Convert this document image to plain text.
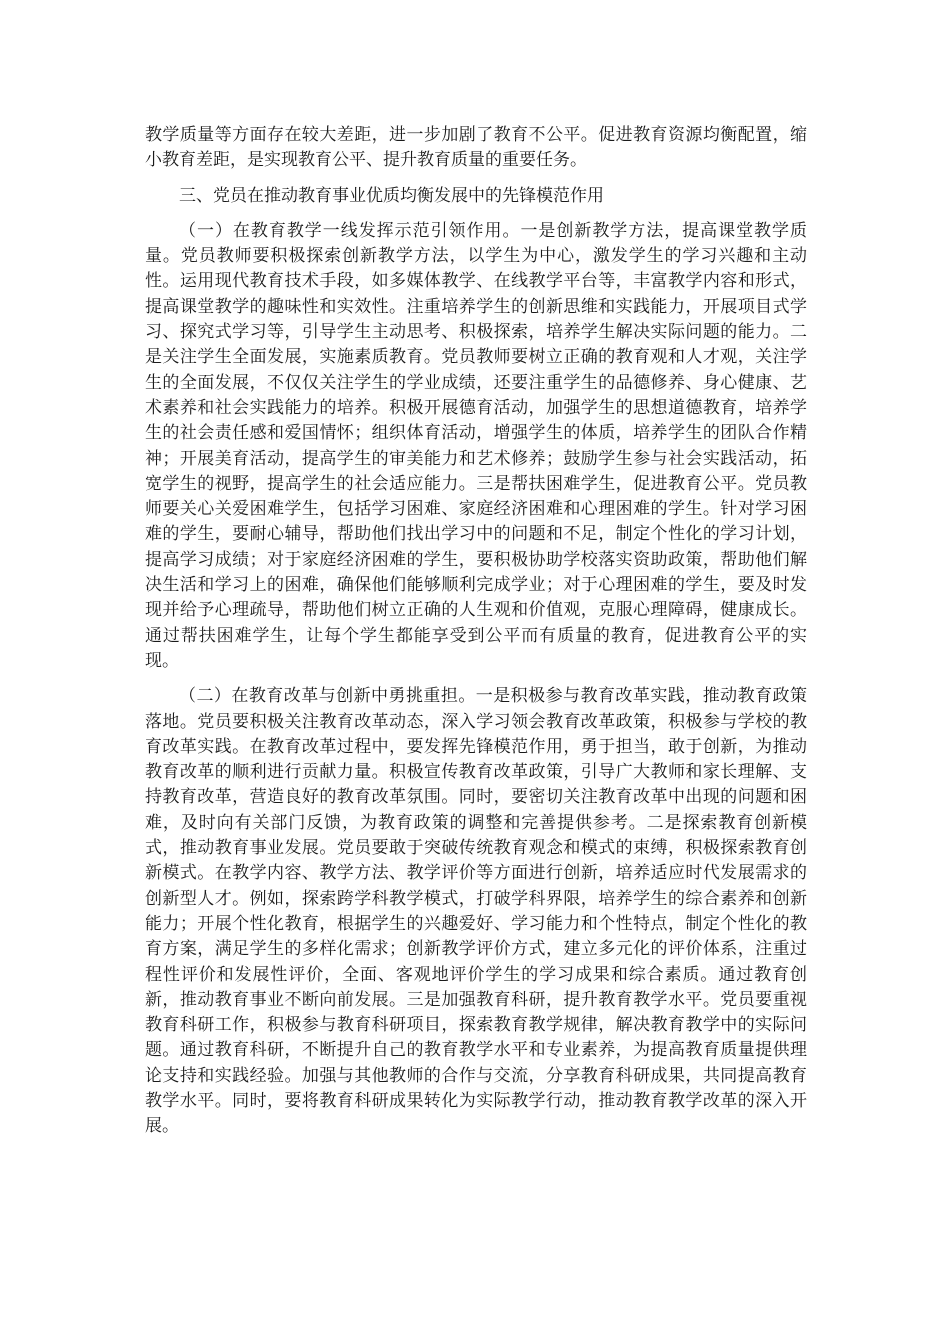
教学质量等方面存在较大差距，进一步加剧了教育不公平。促进教育资源均衡配置，缩小教育差距，是实现教育公平、提升教育质量的重要任务。

三、党员在推动教育事业优质均衡发展中的先锋模范作用

（一）在教育教学一线发挥示范引领作用。一是创新教学方法，提高课堂教学质量。党员教师要积极探索创新教学方法，以学生为中心，激发学生的学习兴趣和主动性。运用现代教育技术手段，如多媒体教学、在线教学平台等，丰富教学内容和形式，提高课堂教学的趣味性和实效性。注重培养学生的创新思维和实践能力，开展项目式学习、探究式学习等，引导学生主动思考、积极探索，培养学生解决实际问题的能力。二是关注学生全面发展，实施素质教育。党员教师要树立正确的教育观和人才观，关注学生的全面发展，不仅仅关注学生的学业成绩，还要注重学生的品德修养、身心健康、艺术素养和社会实践能力的培养。积极开展德育活动，加强学生的思想道德教育，培养学生的社会责任感和爱国情怀；组织体育活动，增强学生的体质，培养学生的团队合作精神；开展美育活动，提高学生的审美能力和艺术修养；鼓励学生参与社会实践活动，拓宽学生的视野，提高学生的社会适应能力。三是帮扶困难学生，促进教育公平。党员教师要关心关爱困难学生，包括学习困难、家庭经济困难和心理困难的学生。针对学习困难的学生，要耐心辅导，帮助他们找出学习中的问题和不足，制定个性化的学习计划，提高学习成绩；对于家庭经济困难的学生，要积极协助学校落实资助政策，帮助他们解决生活和学习上的困难，确保他们能够顺利完成学业；对于心理困难的学生，要及时发现并给予心理疏导，帮助他们树立正确的人生观和价值观，克服心理障碍，健康成长。通过帮扶困难学生，让每个学生都能享受到公平而有质量的教育，促进教育公平的实现。

（二）在教育改革与创新中勇挑重担。一是积极参与教育改革实践，推动教育政策落地。党员要积极关注教育改革动态，深入学习领会教育改革政策，积极参与学校的教育改革实践。在教育改革过程中，要发挥先锋模范作用，勇于担当，敢于创新，为推动教育改革的顺利进行贡献力量。积极宣传教育改革政策，引导广大教师和家长理解、支持教育改革，营造良好的教育改革氛围。同时，要密切关注教育改革中出现的问题和困难，及时向有关部门反馈，为教育政策的调整和完善提供参考。二是探索教育创新模式，推动教育事业发展。党员要敢于突破传统教育观念和模式的束缚，积极探索教育创新模式。在教学内容、教学方法、教学评价等方面进行创新，培养适应时代发展需求的创新型人才。例如，探索跨学科教学模式，打破学科界限，培养学生的综合素养和创新能力；开展个性化教育，根据学生的兴趣爱好、学习能力和个性特点，制定个性化的教育方案，满足学生的多样化需求；创新教学评价方式，建立多元化的评价体系，注重过程性评价和发展性评价，全面、客观地评价学生的学习成果和综合素质。通过教育创新，推动教育事业不断向前发展。三是加强教育科研，提升教育教学水平。党员要重视教育科研工作，积极参与教育科研项目，探索教育教学规律，解决教育教学中的实际问题。通过教育科研，不断提升自己的教育教学水平和专业素养，为提高教育质量提供理论支持和实践经验。加强与其他教师的合作与交流，分享教育科研成果，共同提高教育教学水平。同时，要将教育科研成果转化为实际教学行动，推动教育教学改革的深入开展。
